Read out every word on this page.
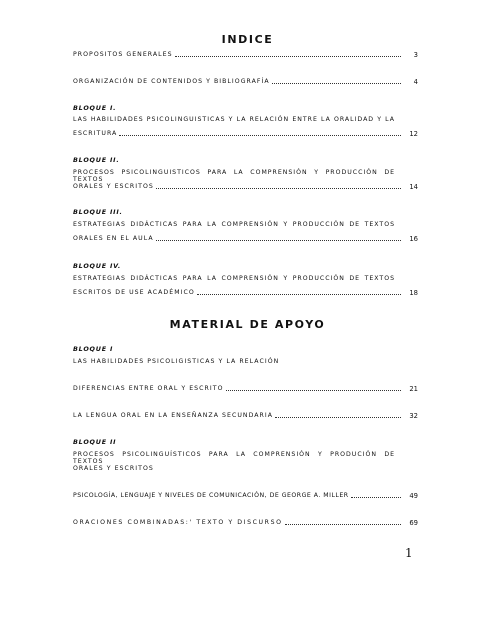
INDICE
PROPOSITOS GENERALES	3
ORGANIZACIÓN DE CONTENIDOS Y BIBLIOGRAFÍA	4
BLOQUE I.
LAS HABILIDADES PSICOLINGUISTICAS Y LA RELACIÓN ENTRE LA ORALIDAD Y LA
ESCRITURA	12
BLOQUE II.
PROCESOS PSICOLINGUISTICOS PARA LA COMPRENSIÓN Y PRODUCCIÓN DE TEXTOS
ORALES Y ESCRITOS	14
BLOQUE III.
ESTRATEGIAS DIDÁCTICAS PARA LA COMPRENSIÓN Y PRODUCCIÓN DE TEXTOS
ORALES EN EL AULA	16
BLOQUE IV.
ESTRATEGIAS DIDÁCTICAS PARA LA COMPRENSIÓN Y PRODUCCIÓN DE TEXTOS
ESCRITOS DE USE ACADÉMICO	18
MATERIAL DE APOYO
BLOQUE I
LAS HABILIDADES PSICOLIGISTICAS Y LA RELACIÓN
DIFERENCIAS ENTRE ORAL Y ESCRITO	21
LA LENGUA ORAL EN LA ENSEÑANZA SECUNDARIA	32
BLOQUE II
PROCESOS PSICOLINGUÍSTICOS PARA LA COMPRENSIÓN Y PRODUCIÓN DE TEXTOS
ORALES Y ESCRITOS
PSICOLOGÍA, LENGUAJE Y NIVELES DE COMUNICACIÓN, DE GEORGE A. MILLER	49
ORACIONES COMBINADAS:' TEXTO Y DISCURSO	69
1
